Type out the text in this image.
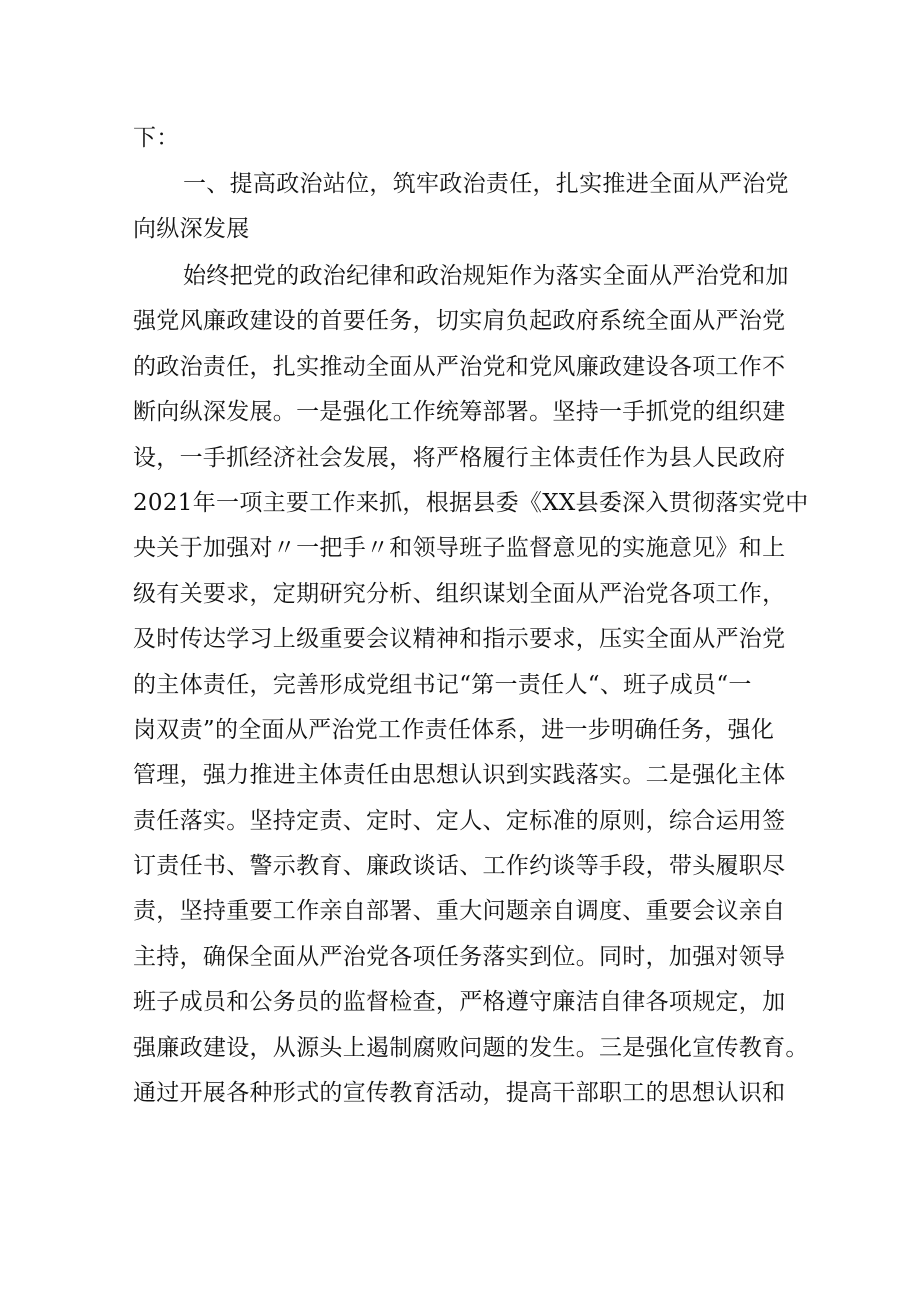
下：
一、提高政治站位，筑牢政治责任，扎实推进全面从严治党
向纵深发展
始终把党的政治纪律和政治规矩作为落实全面从严治党和加
强党风廉政建设的首要任务，切实肩负起政府系统全面从严治党
的政治责任，扎实推动全面从严治党和党风廉政建设各项工作不
断向纵深发展。一是强化工作统筹部署。坚持一手抓党的组织建
设，一手抓经济社会发展，将严格履行主体责任作为县人民政府
2021年一项主要工作来抓，根据县委《XX县委深入贯彻落实党中
央关于加强对〃一把手〃和领导班子监督意见的实施意见》和上
级有关要求，定期研究分析、组织谋划全面从严治党各项工作，
及时传达学习上级重要会议精神和指示要求，压实全面从严治党
的主体责任，完善形成党组书记“第一责任人“、班子成员“一
岗双责”的全面从严治党工作责任体系，进一步明确任务，强化
管理，强力推进主体责任由思想认识到实践落实。二是强化主体
责任落实。坚持定责、定时、定人、定标准的原则，综合运用签
订责任书、警示教育、廉政谈话、工作约谈等手段，带头履职尽
责，坚持重要工作亲自部署、重大问题亲自调度、重要会议亲自
主持，确保全面从严治党各项任务落实到位。同时，加强对领导
班子成员和公务员的监督检查，严格遵守廉洁自律各项规定，加
强廉政建设，从源头上遏制腐败问题的发生。三是强化宣传教育。
通过开展各种形式的宣传教育活动，提高干部职工的思想认识和
